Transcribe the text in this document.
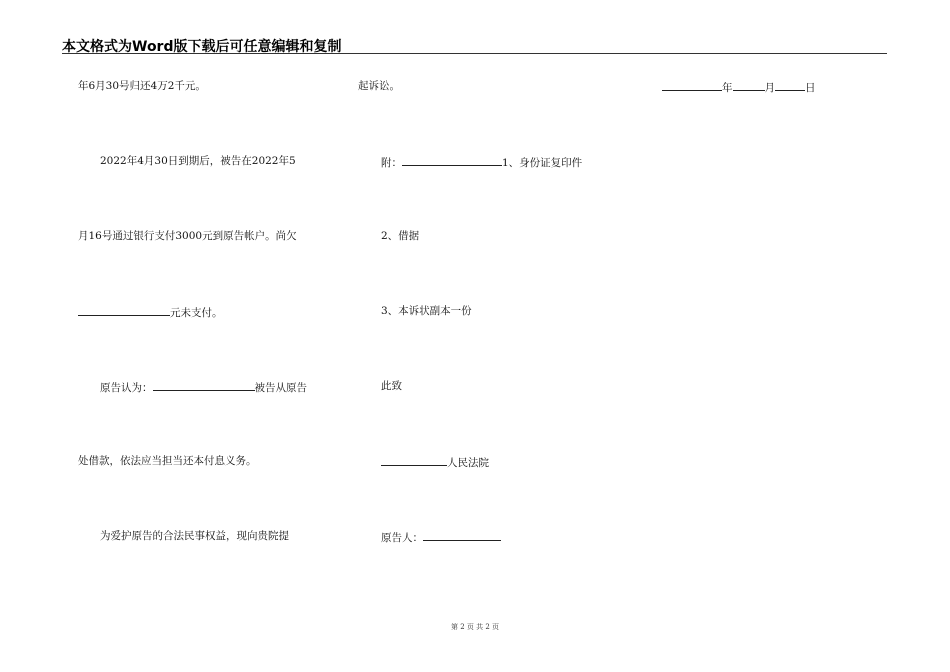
本文格式为Word版下载后可任意编辑和复制
年6月30号归还4万2千元。
2022年4月30日到期后，被告在2022年5
月16号通过银行支付3000元到原告帐户。尚欠
元未支付。
原告认为：	被告从原告
处借款，依法应当担当还本付息义务。
为爱护原告的合法民事权益，现向贵院提
起诉讼。
附：	1、身份证复印件
2、借据
3、本诉状副本一份
此致
人民法院
原告人：
年	月	日
第 2 页 共 2 页
